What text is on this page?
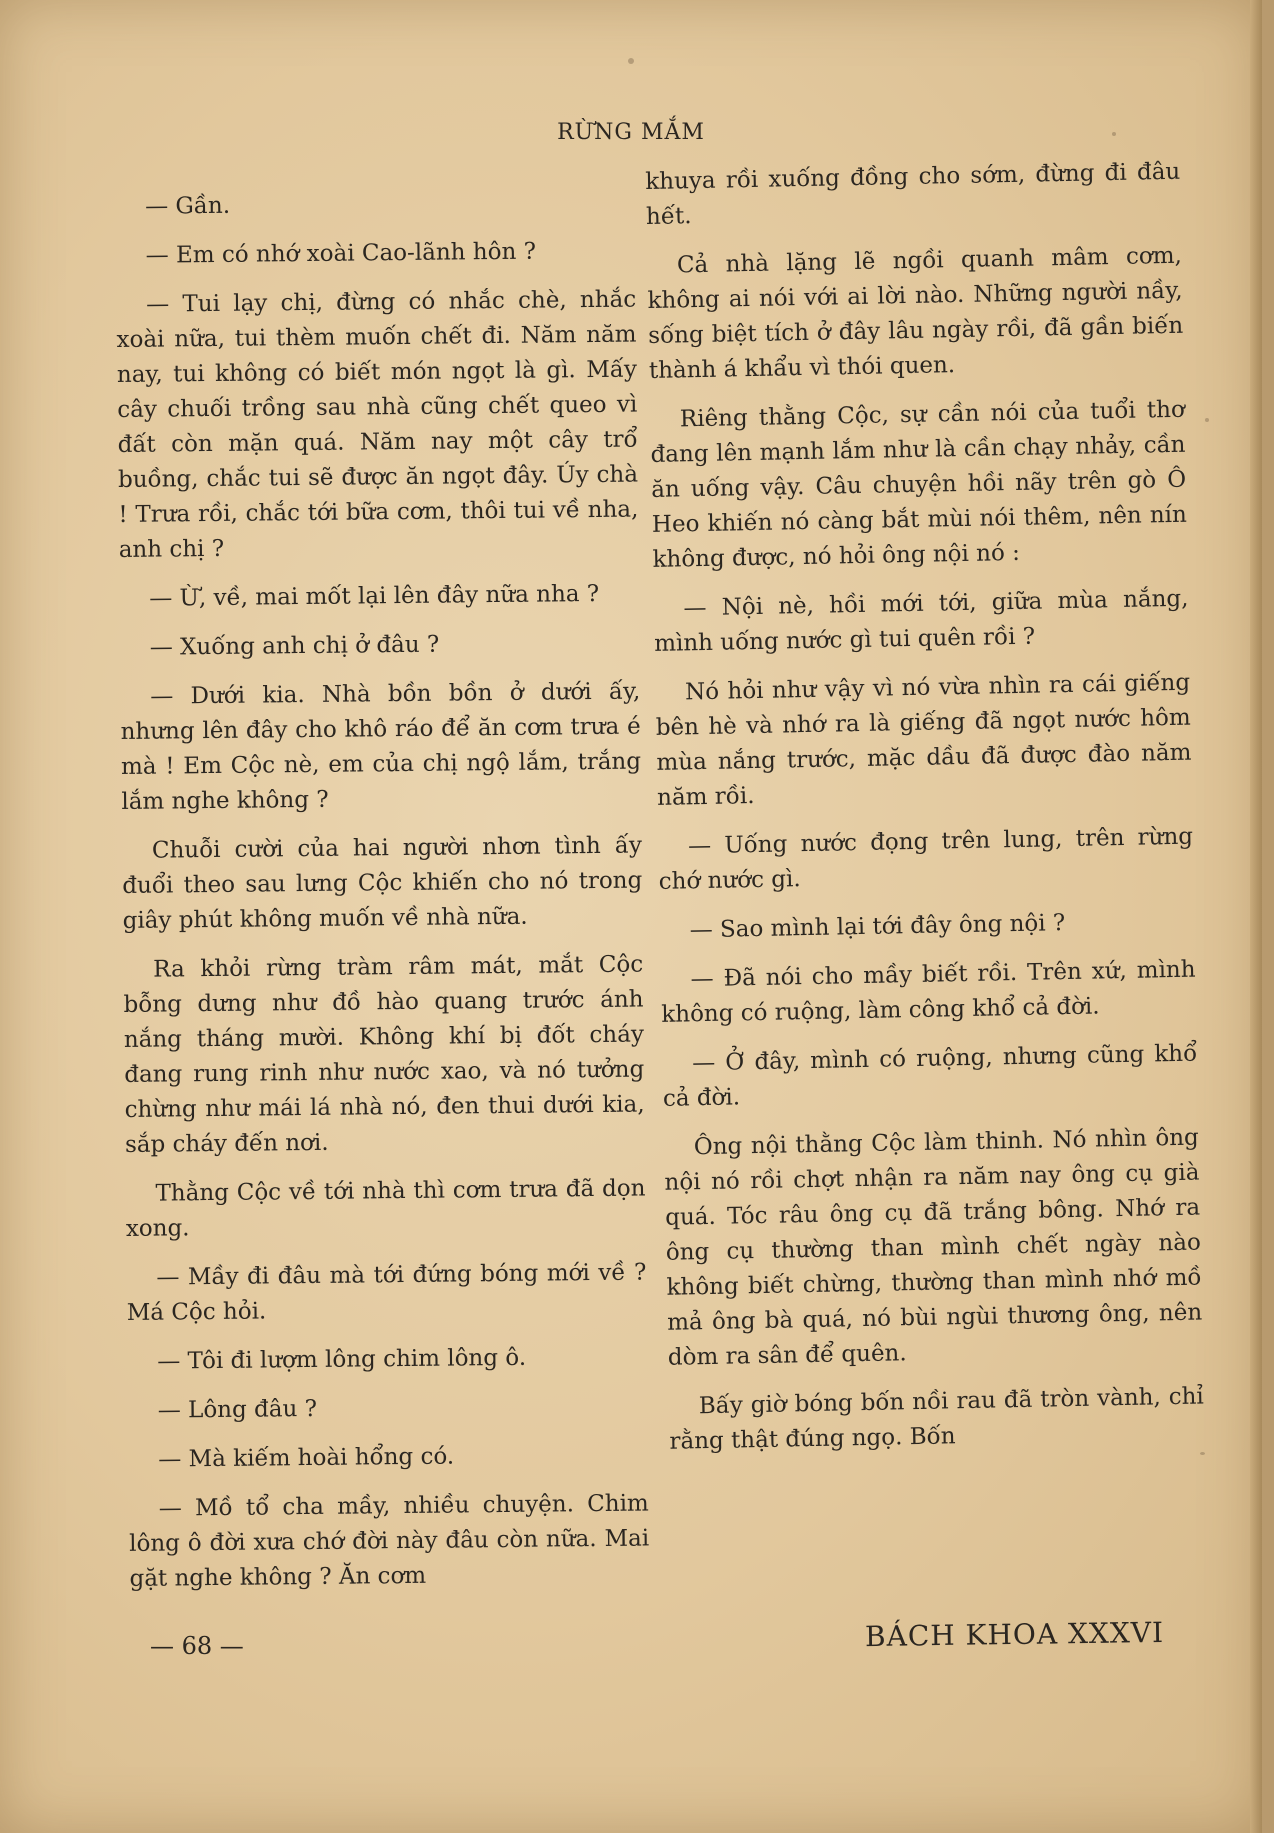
RỪNG MẮM

— Gần.

— Em có nhớ xoài Cao-lãnh hôn ?

— Tui lạy chị, đừng có nhắc chè, nhắc xoài nữa, tui thèm muốn chết đi. Năm năm nay, tui không có biết món ngọt là gì. Mấy cây chuối trồng sau nhà cũng chết queo vì đất còn mặn quá. Năm nay một cây trổ buồng, chắc tui sẽ được ăn ngọt đây. Úy chà ! Trưa rồi, chắc tới bữa cơm, thôi tui về nha, anh chị ?

— Ừ, về, mai mốt lại lên đây nữa nha ?

— Xuống anh chị ở đâu ?

— Dưới kia. Nhà bồn bồn ở dưới ấy, nhưng lên đây cho khô ráo để ăn cơm trưa é mà ! Em Cộc nè, em của chị ngộ lắm, trắng lắm nghe không ?

Chuỗi cười của hai người nhơn tình ấy đuổi theo sau lưng Cộc khiến cho nó trong giây phút không muốn về nhà nữa.

Ra khỏi rừng tràm râm mát, mắt Cộc bỗng dưng như đồ hào quang trước ánh nắng tháng mười. Không khí bị đốt cháy đang rung rinh như nước xao, và nó tưởng chừng như mái lá nhà nó, đen thui dưới kia, sắp cháy đến nơi.

Thằng Cộc về tới nhà thì cơm trưa đã dọn xong.

— Mầy đi đâu mà tới đứng bóng mới về ? Má Cộc hỏi.

— Tôi đi lượm lông chim lông ô.

— Lông đâu ?

— Mà kiếm hoài hổng có.

— Mồ tổ cha mầy, nhiều chuyện. Chim lông ô đời xưa chớ đời này đâu còn nữa. Mai gặt nghe không ? Ăn cơm

khuya rồi xuống đồng cho sớm, đừng đi đâu hết.

Cả nhà lặng lẽ ngồi quanh mâm cơm, không ai nói với ai lời nào. Những người nầy, sống biệt tích ở đây lâu ngày rồi, đã gần biến thành á khẩu vì thói quen.

Riêng thằng Cộc, sự cần nói của tuổi thơ đang lên mạnh lắm như là cần chạy nhảy, cần ăn uống vậy. Câu chuyện hồi nãy trên gò Ô Heo khiến nó càng bắt mùi nói thêm, nên nín không được, nó hỏi ông nội nó :

— Nội nè, hồi mới tới, giữa mùa nắng, mình uống nước gì tui quên rồi ?

Nó hỏi như vậy vì nó vừa nhìn ra cái giếng bên hè và nhớ ra là giếng đã ngọt nước hôm mùa nắng trước, mặc dầu đã được đào năm năm rồi.

— Uống nước đọng trên lung, trên rừng chớ nước gì.

— Sao mình lại tới đây ông nội ?

— Đã nói cho mầy biết rồi. Trên xứ, mình không có ruộng, làm công khổ cả đời.

— Ở đây, mình có ruộng, nhưng cũng khổ cả đời.

Ông nội thằng Cộc làm thinh. Nó nhìn ông nội nó rồi chợt nhận ra năm nay ông cụ già quá. Tóc râu ông cụ đã trắng bông. Nhớ ra ông cụ thường than mình chết ngày nào không biết chừng, thường than mình nhớ mồ mả ông bà quá, nó bùi ngùi thương ông, nên dòm ra sân để quên.

Bấy giờ bóng bốn nồi rau đã tròn vành, chỉ rằng thật đúng ngọ. Bốn

— 68 —	BÁCH KHOA XXXVI
